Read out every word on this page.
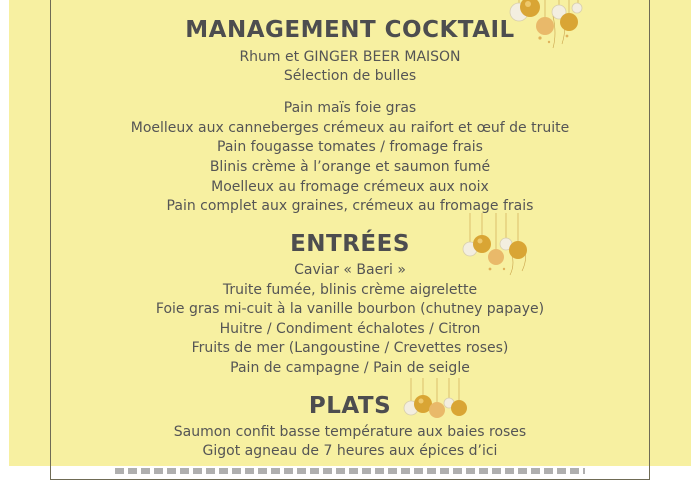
MANAGEMENT COCKTAIL
Rhum et GINGER BEER MAISON
Sélection de bulles
Pain maïs foie gras
Moelleux aux canneberges crémeux au raifort et œuf de truite
Pain fougasse tomates / fromage frais
Blinis crème à l’orange et saumon fumé
Moelleux au fromage crémeux aux noix
Pain complet aux graines, crémeux au fromage frais
ENTRÉES
Caviar « Baeri »
Truite fumée, blinis crème aigrelette
Foie gras mi-cuit à la vanille bourbon (chutney papaye)
Huitre / Condiment échalotes / Citron
Fruits de mer (Langoustine / Crevettes roses)
Pain de campagne / Pain de seigle
PLATS
Saumon confit basse température aux baies roses
Gigot agneau de 7 heures aux épices d’ici
